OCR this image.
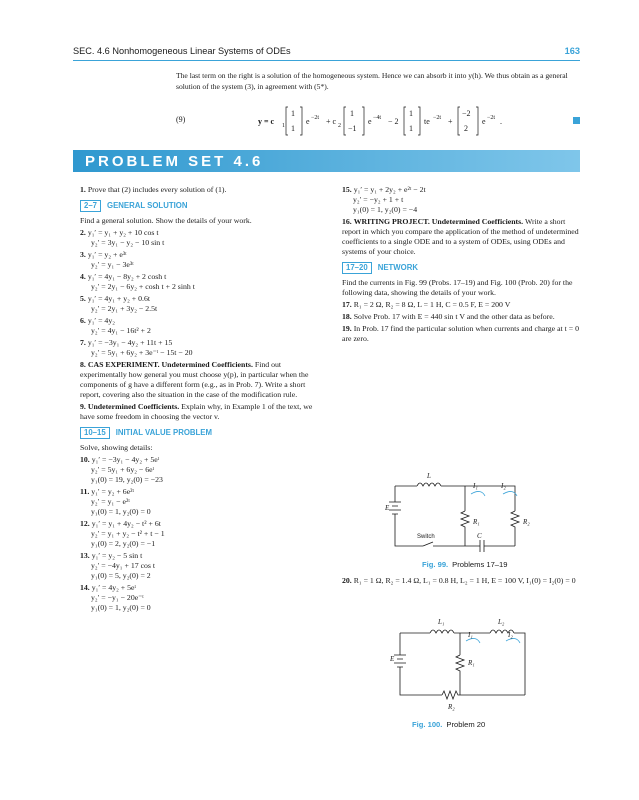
SEC. 4.6 Nonhomogeneous Linear Systems of ODEs	163
The last term on the right is a solution of the homogeneous system. Hence we can absorb it into y(h). We thus obtain as a general solution of the system (3), in agreement with (5*).
(9)	y = c 1
1
1
e −2t + c 2
1
−1
e −4t − 2
1
1
te −2t +
−2
2
e −2t .
PROBLEM SET 4.6
1. Prove that (2) includes every solution of (1).
2–7 GENERAL SOLUTION
Find a general solution. Show the details of your work.
2. y₁′ = y₁ + y₂ + 10 cos t
y₂′ = 3y₁ − y₂ − 10 sin t
3. y₁′ = y₂ + e³ᵗ
y₂′ = y₁ − 3e³ᵗ
4. y₁′ = 4y₁ − 8y₂ + 2 cosh t
y₂′ = 2y₁ − 6y₂ + cosh t + 2 sinh t
5. y₁′ = 4y₁ + y₂ + 0.6t
y₂′ = 2y₁ + 3y₂ − 2.5t
6. y₁′ = 4y₂
y₂′ = 4y₁ − 16t² + 2
7. y₁′ = −3y₁ − 4y₂ + 11t + 15
y₂′ = 5y₁ + 6y₂ + 3e⁻ᵗ − 15t − 20
8. CAS EXPERIMENT. Undetermined Coefficients. Find out experimentally how general you must choose y(p), in particular when the components of g have a different form (e.g., as in Prob. 7). Write a short report, covering also the situation in the case of the modification rule.
9. Undetermined Coefficients. Explain why, in Example 1 of the text, we have some freedom in choosing the vector v.
10–15 INITIAL VALUE PROBLEM
Solve, showing details:
10. y₁′ = −3y₁ − 4y₂ + 5eᵗ
y₂′ = 5y₁ + 6y₂ − 6eᵗ
y₁(0) = 19, y₂(0) = −23
11. y₁′ = y₂ + 6e²ᵗ
y₂′ = y₁ − e²ᵗ
y₁(0) = 1, y₂(0) = 0
12. y₁′ = y₁ + 4y₂ − t² + 6t
y₂′ = y₁ + y₂ − t² + t − 1
y₁(0) = 2, y₂(0) = −1
13. y₁′ = y₂ − 5 sin t
y₂′ = −4y₁ + 17 cos t
y₁(0) = 5, y₂(0) = 2
14. y₁′ = 4y₂ + 5eᵗ
y₂′ = −y₁ − 20e⁻ᵗ
y₁(0) = 1, y₂(0) = 0
15. y₁′ = y₁ + 2y₂ + e²ᵗ − 2t
y₂′ = −y₂ + 1 + t
y₁(0) = 1, y₂(0) = −4
16. WRITING PROJECT. Undetermined Coefficients. Write a short report in which you compare the application of the method of undetermined coefficients to a single ODE and to a system of ODEs, using ODEs and systems of your choice.
17–20 NETWORK
Find the currents in Fig. 99 (Probs. 17–19) and Fig. 100 (Prob. 20) for the following data, showing the details of your work.
17. R₁ = 2 Ω, R₂ = 8 Ω, L = 1 H, C = 0.5 F, E = 200 V
18. Solve Prob. 17 with E = 440 sin t V and the other data as before.
19. In Prob. 17 find the particular solution when currents and charge at t = 0 are zero.
L
I₁	I₂
E
R₁	R₂
C
Switch
Fig. 99. Problems 17–19
L₁	L₂
I₁	I₂
E	R₁
R₂
Fig. 100. Problem 20
20. R₁ = 1 Ω, R₂ = 1.4 Ω, L₁ = 0.8 H, L₂ = 1 H, E = 100 V, I₁(0) = I₂(0) = 0
